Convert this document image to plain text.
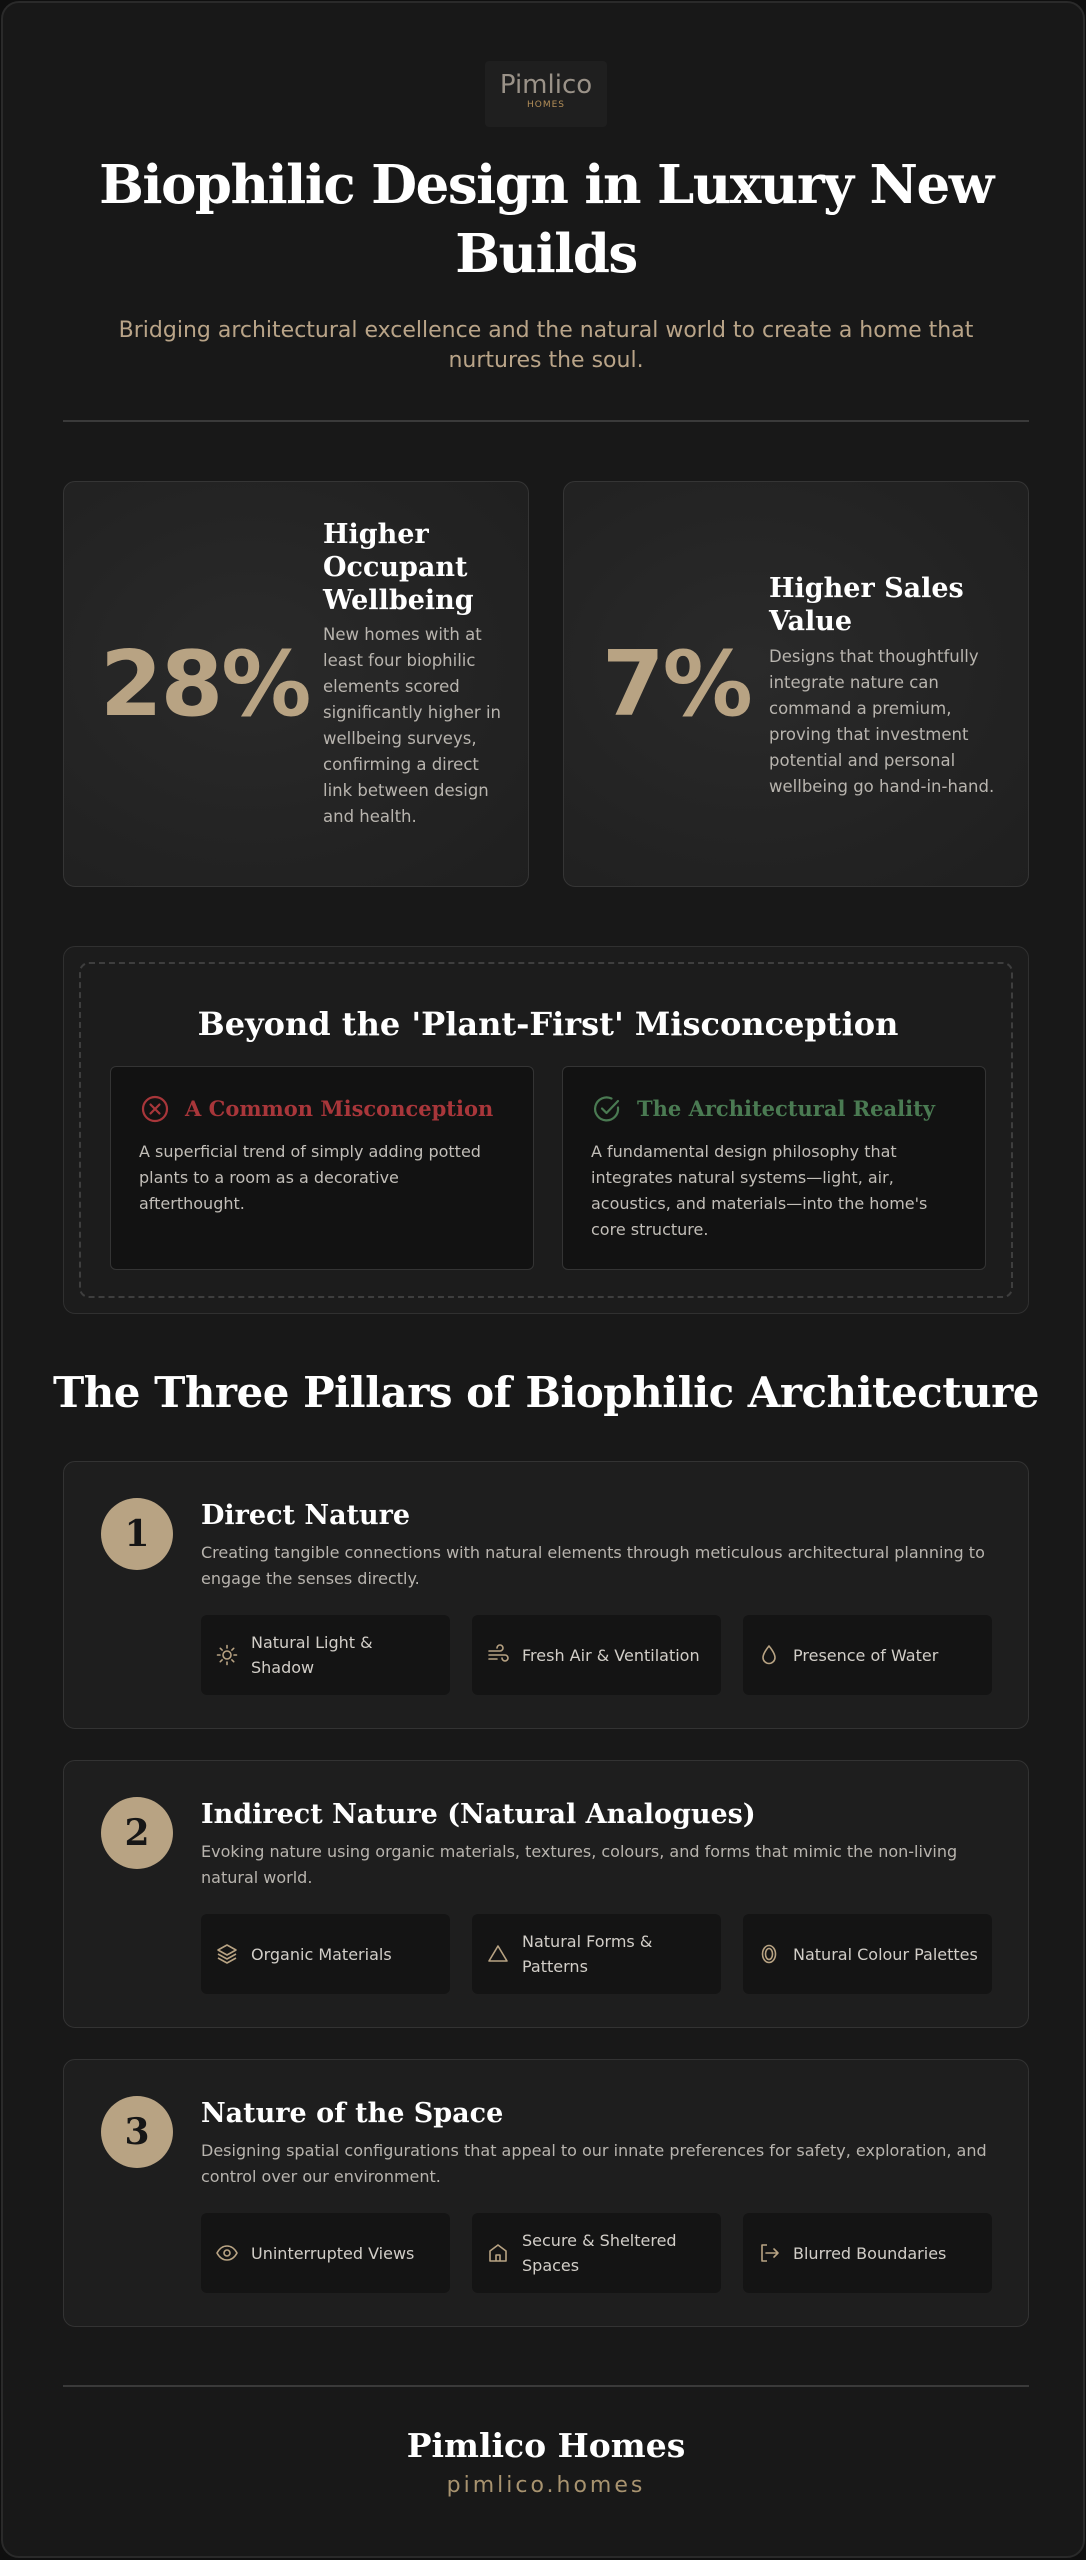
Pimlico
HOMES
Biophilic Design in Luxury New Builds

Bridging architectural excellence and the natural world to create a home that nurtures the soul.

28%
Higher Occupant Wellbeing
New homes with at least four biophilic elements scored significantly higher in wellbeing surveys, confirming a direct link between design and health.
7%
Higher Sales Value
Designs that thoughtfully integrate nature can command a premium, proving that investment potential and personal wellbeing go hand-in-hand.
Beyond the 'Plant-First' Misconception
A Common Misconception
A superficial trend of simply adding potted plants to a room as a decorative afterthought.
The Architectural Reality
A fundamental design philosophy that integrates natural systems—light, air, acoustics, and materials—into the home's core structure.
The Three Pillars of Biophilic Architecture
1	Direct Nature
Creating tangible connections with natural elements through meticulous architectural planning to engage the senses directly.
Natural Light & Shadow
Fresh Air & Ventilation	Presence of Water
2	Indirect Nature (Natural Analogues)
Evoking nature using organic materials, textures, colours, and forms that mimic the non-living natural world.
Organic Materials
Natural Forms & Patterns
Natural Colour Palettes
3	Nature of the Space
Designing spatial configurations that appeal to our innate preferences for safety, exploration, and control over our environment.
Uninterrupted Views
Secure & Sheltered Spaces
Blurred Boundaries
Pimlico Homes
pimlico.homes
